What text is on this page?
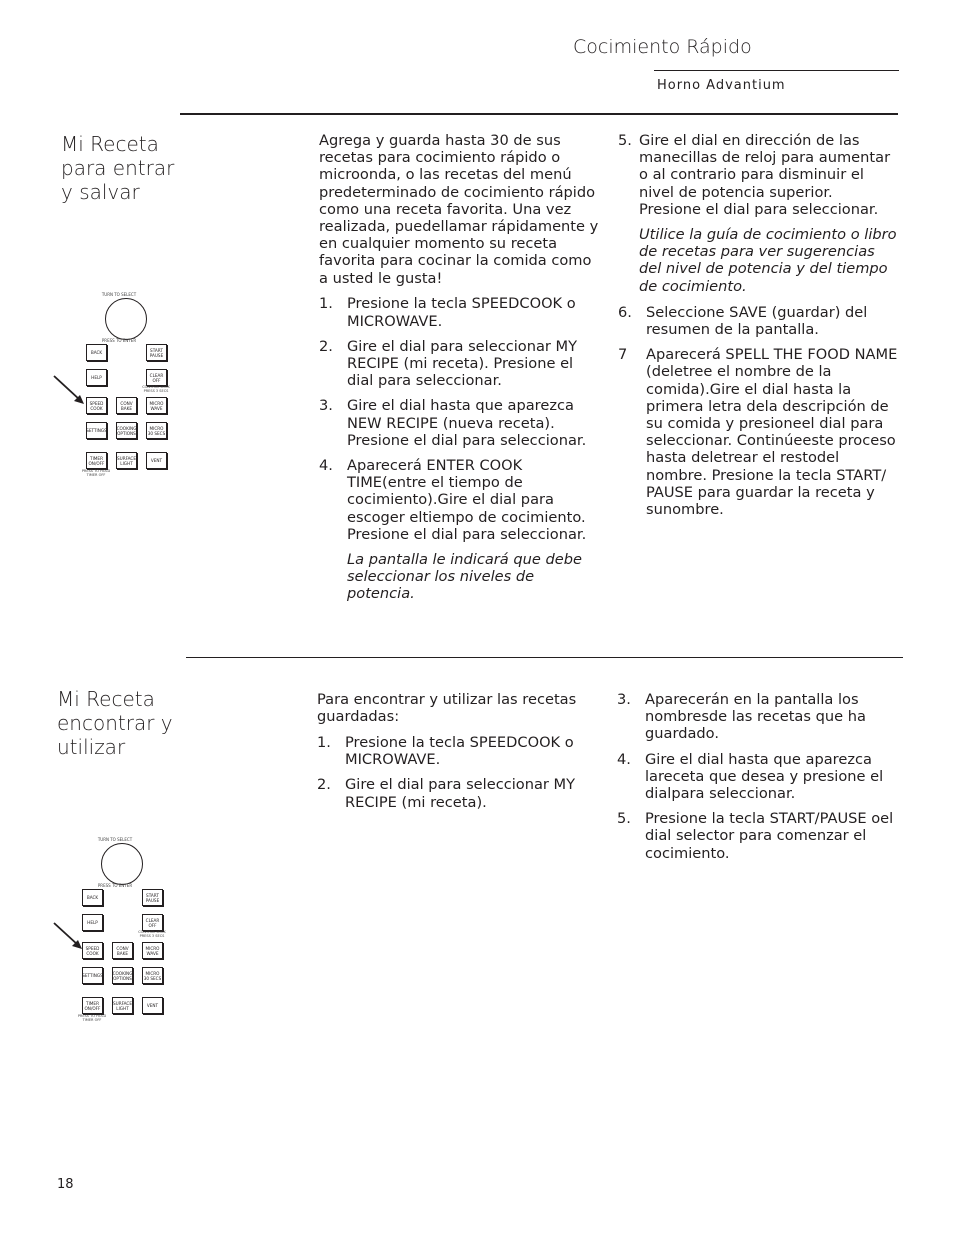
Cocimiento Rápido
Horno Advantium
Mi Receta
para entrar
y salvar
TURN TO SELECT
PRESS TO ENTER
BACK	START PAUSE
HELP	CLEAR OFF
CONTROL LOCK PRESS 3 SECS
SPEED COOK
CONV BAKE
MICRO WAVE
SETTINGS COOKING OPTIONS
MICRO 30 SECS
TIMER ON/OFF
SURFACE LIGHT	VENT
PRESS TO HOLD TIMER OFF

Agrega y guarda hasta 30 de sus recetas para cocimiento rápido o microonda, o las recetas del menú predeterminado de cocimiento rápido como una receta favorita. Una vez realizada, puedellamar rápidamente y en cualquier momento su receta favorita para cocinar la comida como a usted le gusta!

1. Presione la tecla SPEEDCOOK o MICROWAVE.
2. Gire el dial para seleccionar MY RECIPE (mi receta). Presione el dial para seleccionar.
3. Gire el dial hasta que aparezca NEW RECIPE (nueva receta). Presione el dial para seleccionar.
4. Aparecerá ENTER COOK TIME(entre el tiempo de cocimiento).Gire el dial para escoger eltiempo de cocimiento. Presione el dial para seleccionar.

La pantalla le indicará que debe seleccionar los niveles de potencia.

5. Gire el dial en dirección de las manecillas de reloj para aumentar o al contrario para disminuir el nivel de potencia superior. Presione el dial para seleccionar.

Utilice la guía de cocimiento o libro de recetas para ver sugerencias del nivel de potencia y del tiempo de cocimiento.

6. Seleccione SAVE (guardar) del resumen de la pantalla.
7 Aparecerá SPELL THE FOOD NAME (deletree el nombre de la comida).Gire el dial hasta la primera letra dela descripción de su comida y presioneel dial para seleccionar. Continúeeste proceso hasta deletrear el restodel nombre. Presione la tecla START/ PAUSE para guardar la receta y sunombre.
Mi Receta
encontrar y
utilizar
TURN TO SELECT
PRESS TO ENTER
BACK	START PAUSE
HELP	CLEAR OFF
CONTROL LOCK PRESS 3 SECS
SPEED COOK
CONV BAKE
MICRO WAVE
SETTINGS COOKING OPTIONS
MICRO 30 SECS
TIMER ON/OFF
SURFACE LIGHT	VENT
PRESS TO HOLD TIMER OFF

Para encontrar y utilizar las recetas guardadas:

1. Presione la tecla SPEEDCOOK o MICROWAVE.
2. Gire el dial para seleccionar MY RECIPE (mi receta).
3. Aparecerán en la pantalla los nombresde las recetas que ha guardado.
4. Gire el dial hasta que aparezca lareceta que desea y presione el dialpara seleccionar.
5. Presione la tecla START/PAUSE oel dial selector para comenzar el cocimiento.
18
